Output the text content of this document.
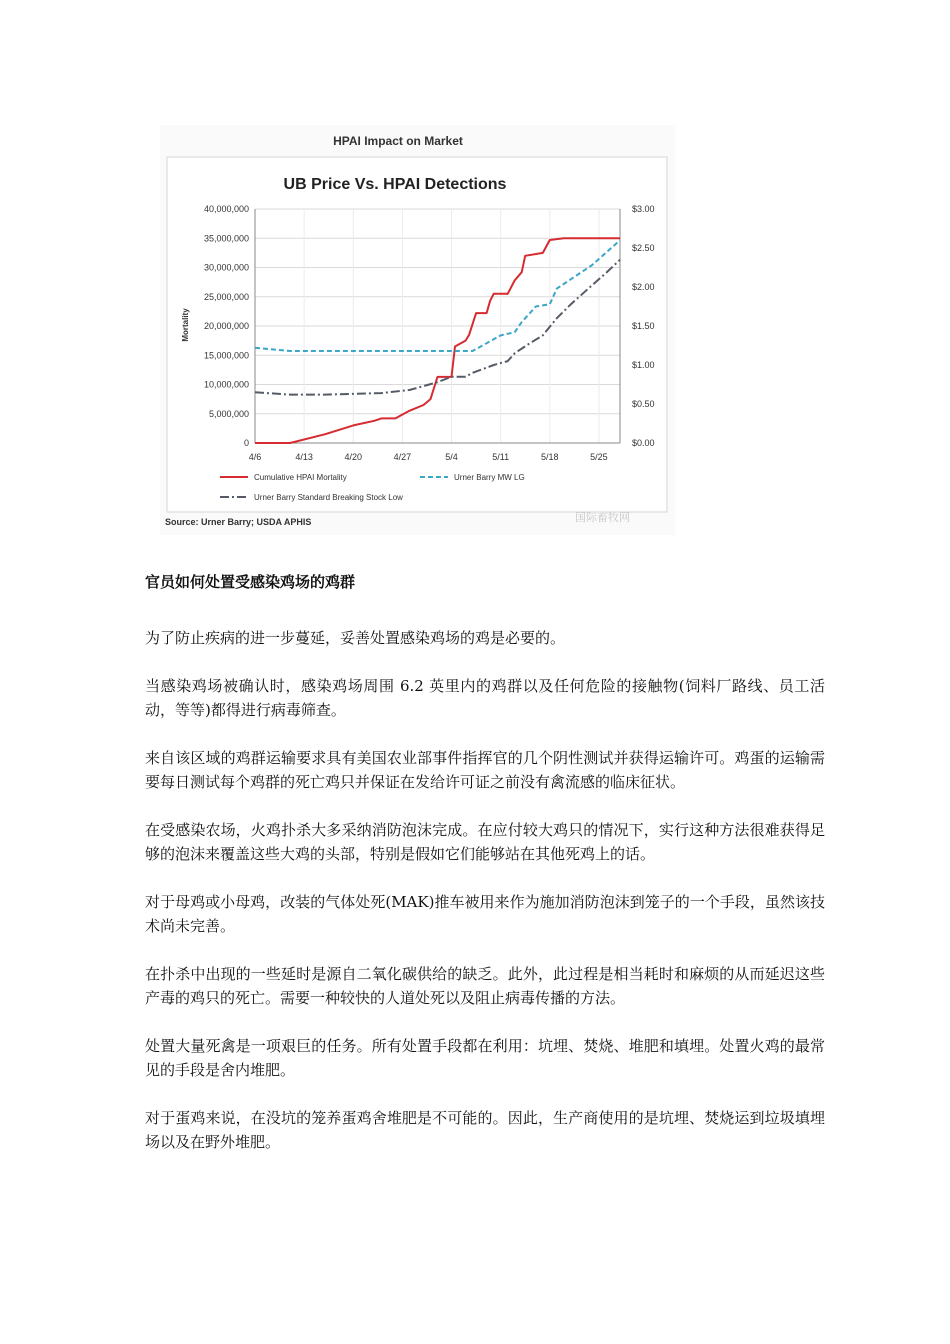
HPAI Impact on Market
UB Price Vs. HPAI Detections
Mortality
0
5,000,000
10,000,000
15,000,000
20,000,000
25,000,000
30,000,000
35,000,000
40,000,000
$0.00
$0.50
$1.00
$1.50
$2.00
$2.50
$3.00
4/6	4/13	4/20	4/27	5/4	5/11	5/18	5/25
Cumulative HPAI Mortality	Urner Barry MW LG
Urner Barry Standard Breaking Stock Low
Source: Urner Barry; USDA APHIS	国际畜牧网

官员如何处置受感染鸡场的鸡群

为了防止疾病的进一步蔓延，妥善处置感染鸡场的鸡是必要的。

当感染鸡场被确认时，感染鸡场周围 6.2 英里内的鸡群以及任何危险的接触物(饲料厂路线、员工活动，等等)都得进行病毒筛查。

来自该区域的鸡群运输要求具有美国农业部事件指挥官的几个阴性测试并获得运输许可。鸡蛋的运输需要每日测试每个鸡群的死亡鸡只并保证在发给许可证之前没有禽流感的临床征状。

在受感染农场，火鸡扑杀大多采纳消防泡沫完成。在应付较大鸡只的情况下，实行这种方法很难获得足够的泡沫来覆盖这些大鸡的头部，特别是假如它们能够站在其他死鸡上的话。

对于母鸡或小母鸡，改装的气体处死(MAK)推车被用来作为施加消防泡沫到笼子的一个手段，虽然该技术尚未完善。

在扑杀中出现的一些延时是源自二氧化碳供给的缺乏。此外，此过程是相当耗时和麻烦的从而延迟这些产毒的鸡只的死亡。需要一种较快的人道处死以及阻止病毒传播的方法。

处置大量死禽是一项艰巨的任务。所有处置手段都在利用：坑埋、焚烧、堆肥和填埋。处置火鸡的最常见的手段是舍内堆肥。

对于蛋鸡来说，在没坑的笼养蛋鸡舍堆肥是不可能的。因此，生产商使用的是坑埋、焚烧运到垃圾填埋场以及在野外堆肥。
